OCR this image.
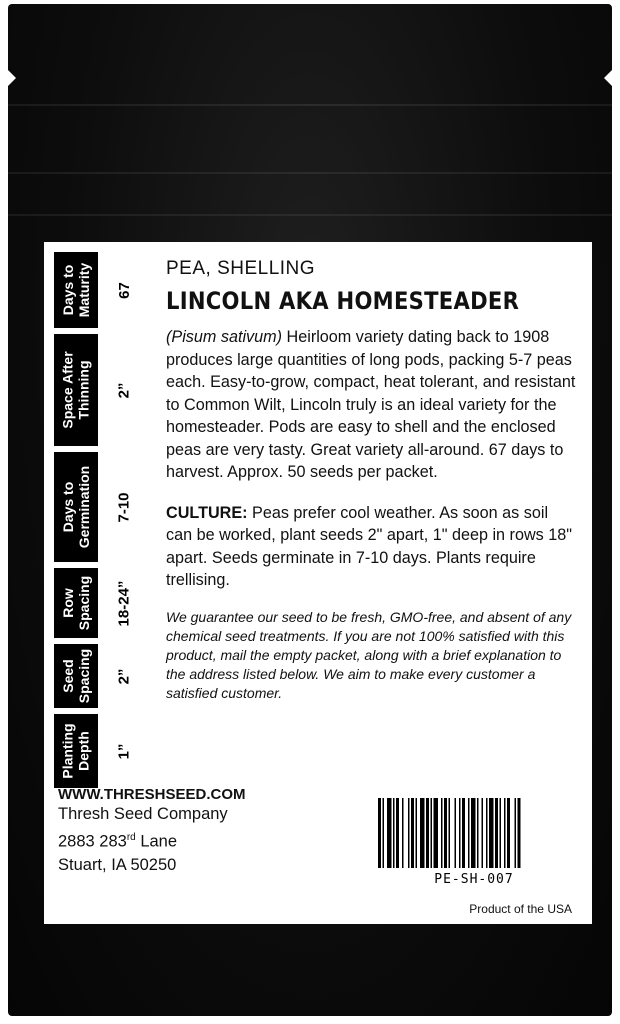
Days to
Maturity 67
Space After
Thinning 2”
Days to
Germination 7-10
Row
Spacing 18-24”
Seed
Spacing 2”
Planting
Depth 1”
PEA, SHELLING
LINCOLN AKA HOMESTEADER
(Pisum sativum) Heirloom variety dating back to 1908 produces large quantities of long pods, packing 5-7 peas each. Easy-to-grow, compact, heat tolerant, and resistant to Common Wilt, Lincoln truly is an ideal variety for the homesteader. Pods are easy to shell and the enclosed peas are very tasty. Great variety all-around. 67 days to harvest. Approx. 50 seeds per packet.
CULTURE: Peas prefer cool weather. As soon as soil can be worked, plant seeds 2" apart, 1" deep in rows 18" apart. Seeds germinate in 7-10 days. Plants require trellising.
We guarantee our seed to be fresh, GMO-free, and absent of any chemical seed treatments. If you are not 100% satisfied with this product, mail the empty packet, along with a brief explanation to the address listed below. We aim to make every customer a satisfied customer.
WWW.THRESHSEED.COM
Thresh Seed Company
2883 283rd Lane
Stuart, IA 50250
PE-SH-007
Product of the USA
